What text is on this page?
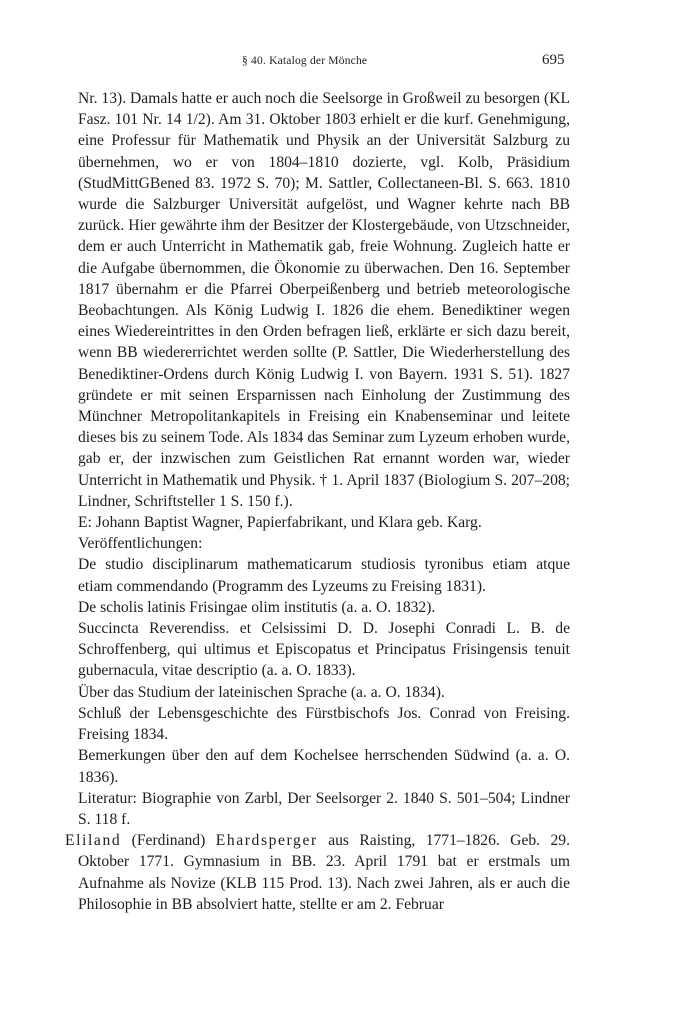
§ 40. Katalog der Mönche	695

Nr. 13). Damals hatte er auch noch die Seelsorge in Großweil zu besorgen (KL Fasz. 101 Nr. 14 1/2). Am 31. Oktober 1803 erhielt er die kurf. Genehmigung, eine Professur für Mathematik und Physik an der Universität Salzburg zu übernehmen, wo er von 1804–1810 dozierte, vgl. Kolb, Präsidium (StudMittGBened 83. 1972 S. 70); M. Sattler, Collectaneen-Bl. S. 663. 1810 wurde die Salzburger Universität aufgelöst, und Wagner kehrte nach BB zurück. Hier gewährte ihm der Besitzer der Klostergebäude, von Utzschneider, dem er auch Unterricht in Mathematik gab, freie Wohnung. Zugleich hatte er die Aufgabe übernommen, die Ökonomie zu überwachen. Den 16. September 1817 übernahm er die Pfarrei Oberpeißenberg und betrieb meteorologische Beobachtungen. Als König Ludwig I. 1826 die ehem. Benediktiner wegen eines Wiedereintrittes in den Orden befragen ließ, erklärte er sich dazu bereit, wenn BB wiedererrichtet werden sollte (P. Sattler, Die Wiederherstellung des Benediktiner-Ordens durch König Ludwig I. von Bayern. 1931 S. 51). 1827 gründete er mit seinen Ersparnissen nach Einholung der Zustimmung des Münchner Metropolitankapitels in Freising ein Knabenseminar und leitete dieses bis zu seinem Tode. Als 1834 das Seminar zum Lyzeum erhoben wurde, gab er, der inzwischen zum Geistlichen Rat ernannt worden war, wieder Unterricht in Mathematik und Physik. † 1. April 1837 (Biologium S. 207–208; Lindner, Schriftsteller 1 S. 150 f.).

E: Johann Baptist Wagner, Papierfabrikant, und Klara geb. Karg.

Veröffentlichungen:

De studio disciplinarum mathematicarum studiosis tyronibus etiam atque etiam commendando (Programm des Lyzeums zu Freising 1831).

De scholis latinis Frisingae olim institutis (a. a. O. 1832).

Succincta Reverendiss. et Celsissimi D. D. Josephi Conradi L. B. de Schroffenberg, qui ultimus et Episcopatus et Principatus Frisingensis tenuit gubernacula, vitae descriptio (a. a. O. 1833).

Über das Studium der lateinischen Sprache (a. a. O. 1834).

Schluß der Lebensgeschichte des Fürstbischofs Jos. Conrad von Freising. Freising 1834.

Bemerkungen über den auf dem Kochelsee herrschenden Südwind (a. a. O. 1836).

Literatur: Biographie von Zarbl, Der Seelsorger 2. 1840 S. 501–504; Lindner S. 118 f.

Eliland (Ferdinand) Ehardsperger aus Raisting, 1771–1826. Geb. 29. Oktober 1771. Gymnasium in BB. 23. April 1791 bat er erstmals um Aufnahme als Novize (KLB 115 Prod. 13). Nach zwei Jahren, als er auch die Philosophie in BB absolviert hatte, stellte er am 2. Februar
